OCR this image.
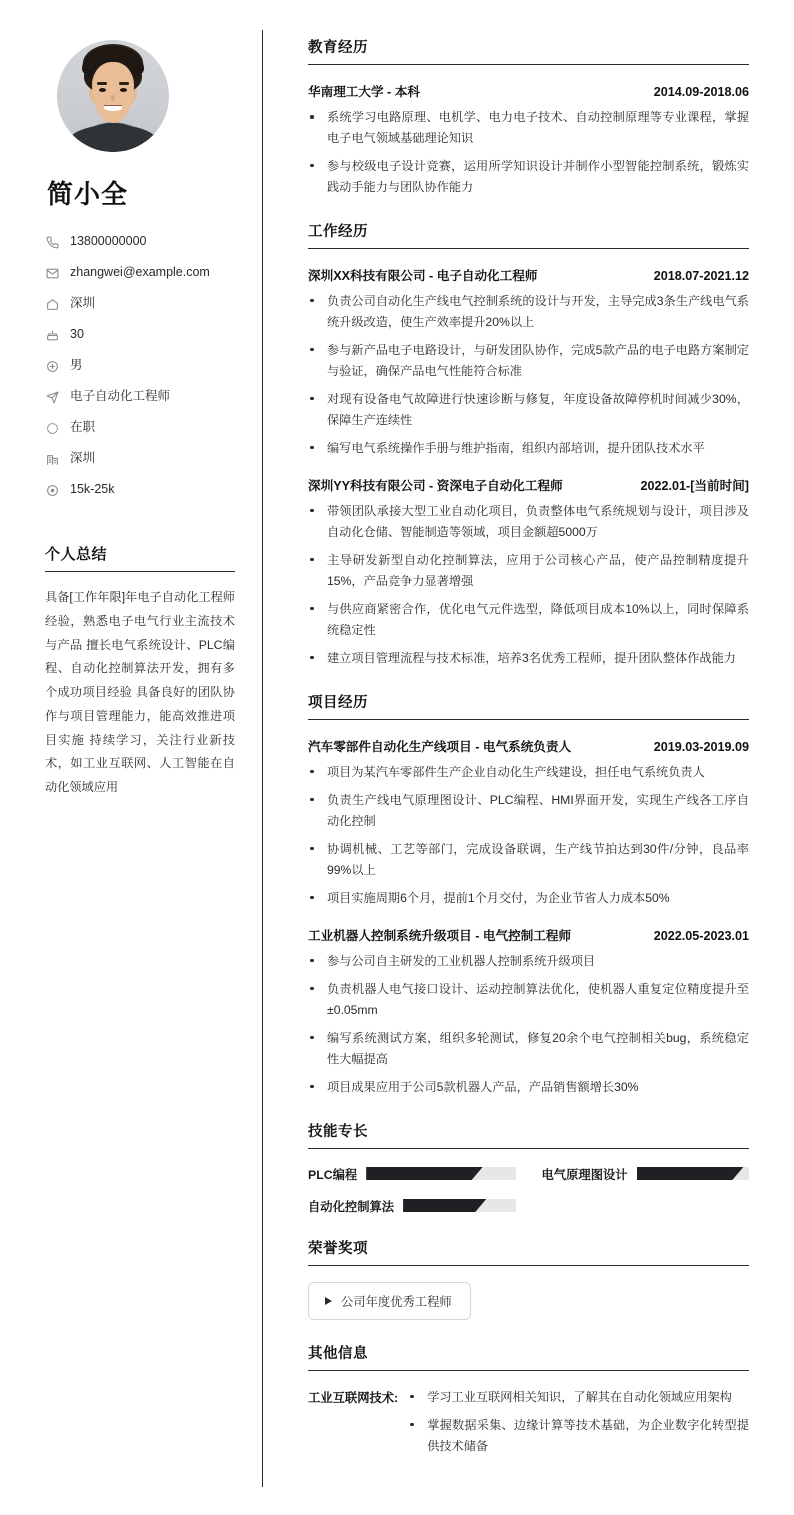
简小全
13800000000
zhangwei@example.com
深圳
30
男
电子自动化工程师
在职
深圳
15k-25k
个人总结

具备[工作年限]年电子自动化工程师经验，熟悉电子电气行业主流技术与产品 擅长电气系统设计、PLC编程、自动化控制算法开发，拥有多个成功项目经验 具备良好的团队协作与项目管理能力，能高效推进项目实施 持续学习，关注行业新技术，如工业互联网、人工智能在自动化领域应用

教育经历
华南理工大学 - 本科	2014.09-2018.06
系统学习电路原理、电机学、电力电子技术、自动控制原理等专业课程，掌握电子电气领域基础理论知识
参与校级电子设计竞赛，运用所学知识设计并制作小型智能控制系统，锻炼实践动手能力与团队协作能力
工作经历
深圳XX科技有限公司 - 电子自动化工程师	2018.07-2021.12
负责公司自动化生产线电气控制系统的设计与开发，主导完成3条生产线电气系统升级改造，使生产效率提升20%以上
参与新产品电子电路设计，与研发团队协作，完成5款产品的电子电路方案制定与验证，确保产品电气性能符合标准
对现有设备电气故障进行快速诊断与修复，年度设备故障停机时间减少30%，保障生产连续性
编写电气系统操作手册与维护指南，组织内部培训，提升团队技术水平
深圳YY科技有限公司 - 资深电子自动化工程师	2022.01-[当前时间]
带领团队承接大型工业自动化项目，负责整体电气系统规划与设计，项目涉及自动化仓储、智能制造等领域，项目金额超5000万
主导研发新型自动化控制算法，应用于公司核心产品，使产品控制精度提升15%，产品竞争力显著增强
与供应商紧密合作，优化电气元件选型，降低项目成本10%以上，同时保障系统稳定性
建立项目管理流程与技术标准，培养3名优秀工程师，提升团队整体作战能力
项目经历
汽车零部件自动化生产线项目 - 电气系统负责人	2019.03-2019.09
项目为某汽车零部件生产企业自动化生产线建设，担任电气系统负责人
负责生产线电气原理图设计、PLC编程、HMI界面开发，实现生产线各工序自动化控制
协调机械、工艺等部门，完成设备联调，生产线节拍达到30件/分钟，良品率99%以上
项目实施周期6个月，提前1个月交付，为企业节省人力成本50%
工业机器人控制系统升级项目 - 电气控制工程师	2022.05-2023.01
参与公司自主研发的工业机器人控制系统升级项目
负责机器人电气接口设计、运动控制算法优化，使机器人重复定位精度提升至±0.05mm
编写系统测试方案，组织多轮测试，修复20余个电气控制相关bug，系统稳定性大幅提高
项目成果应用于公司5款机器人产品，产品销售额增长30%
技能专长
PLC编程	电气原理图设计
自动化控制算法
荣誉奖项
公司年度优秀工程师
其他信息
工业互联网技术:	学习工业互联网相关知识，了解其在自动化领域应用架构
掌握数据采集、边缘计算等技术基础，为企业数字化转型提供技术储备
